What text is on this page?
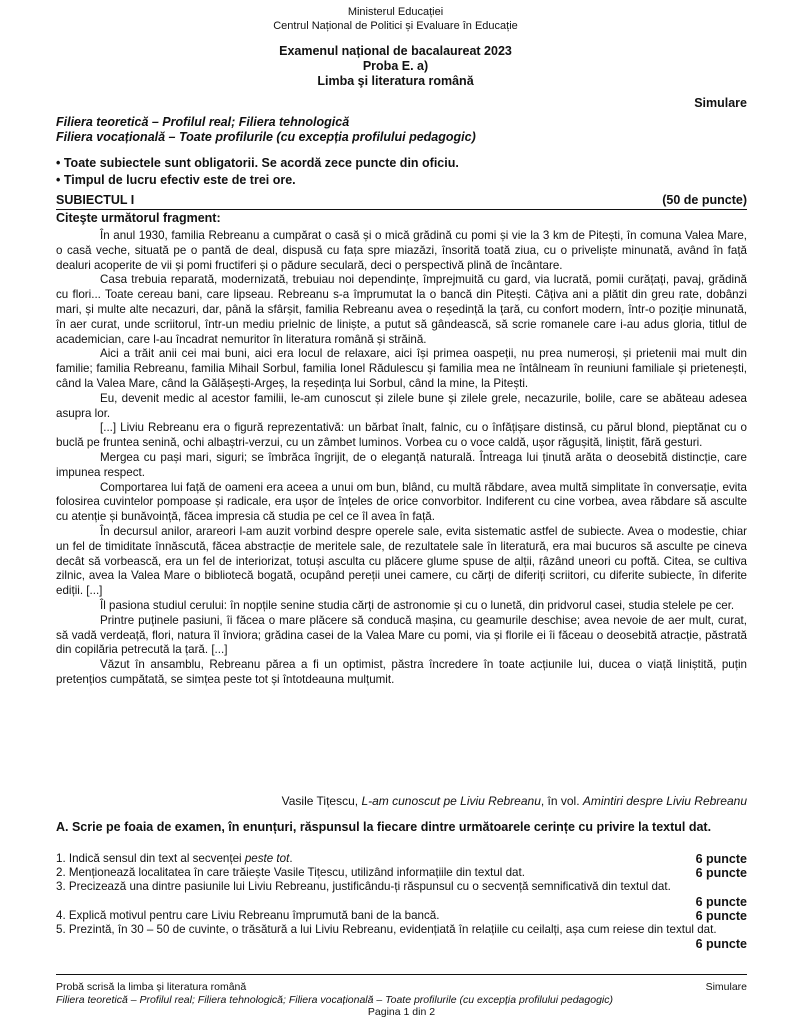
Ministerul Educației
Centrul Național de Politici și Evaluare în Educație
Examenul național de bacalaureat 2023
Proba E. a)
Limba şi literatura română
Simulare
Filiera teoretică – Profilul real; Filiera tehnologică
Filiera vocațională – Toate profilurile (cu excepția profilului pedagogic)
• Toate subiectele sunt obligatorii. Se acordă zece puncte din oficiu.
• Timpul de lucru efectiv este de trei ore.
SUBIECTUL I	(50 de puncte)
Citeşte următorul fragment:

În anul 1930, familia Rebreanu a cumpărat o casă și o mică grădină cu pomi și vie la 3 km de Pitești, în comuna Valea Mare, o casă veche, situată pe o pantă de deal, dispusă cu fața spre miazăzi, însorită toată ziua, cu o priveliște minunată, având în față dealuri acoperite de vii și pomi fructiferi și o pădure seculară, deci o perspectivă plină de încântare.

Casa trebuia reparată, modernizată, trebuiau noi dependințe, împrejmuită cu gard, via lucrată, pomii curățați, pavaj, grădină cu flori... Toate cereau bani, care lipseau. Rebreanu s-a împrumutat la o bancă din Pitești. Câțiva ani a plătit din greu rate, dobânzi mari, și multe alte necazuri, dar, până la sfârșit, familia Rebreanu avea o reședință la țară, cu confort modern, într-o poziție minunată, în aer curat, unde scriitorul, într-un mediu prielnic de liniște, a putut să gândească, să scrie romanele care i-au adus gloria, titlul de academician, care l-au încadrat nemuritor în literatura română și străină.

Aici a trăit anii cei mai buni, aici era locul de relaxare, aici își primea oaspeții, nu prea numeroși, și prietenii mai mult din familie; familia Rebreanu, familia Mihail Sorbul, familia Ionel Rădulescu și familia mea ne întâlneam în reuniuni familiale și prietenești, când la Valea Mare, când la Gălășești-Argeș, la reședința lui Sorbul, când la mine, la Pitești.

Eu, devenit medic al acestor familii, le-am cunoscut și zilele bune și zilele grele, necazurile, bolile, care se abăteau adesea asupra lor.

[...] Liviu Rebreanu era o figură reprezentativă: un bărbat înalt, falnic, cu o înfățișare distinsă, cu părul blond, pieptănat cu o buclă pe fruntea senină, ochi albaștri-verzui, cu un zâmbet luminos. Vorbea cu o voce caldă, ușor răgușită, liniștit, fără gesturi.

Mergea cu pași mari, siguri; se îmbrăca îngrijit, de o eleganță naturală. Întreaga lui ținută arăta o deosebită distincție, care impunea respect.

Comportarea lui față de oameni era aceea a unui om bun, blând, cu multă răbdare, avea multă simplitate în conversație, evita folosirea cuvintelor pompoase și radicale, era ușor de înțeles de orice convorbitor. Indiferent cu cine vorbea, avea răbdare să asculte cu atenție și bunăvoință, făcea impresia că studia pe cel ce îl avea în față.

În decursul anilor, arareori l-am auzit vorbind despre operele sale, evita sistematic astfel de subiecte. Avea o modestie, chiar un fel de timiditate înnăscută, făcea abstracție de meritele sale, de rezultatele sale în literatură, era mai bucuros să asculte pe cineva decât să vorbească, era un fel de interiorizat, totuși asculta cu plăcere glume spuse de alții, râzând uneori cu poftă. Citea, se cultiva zilnic, avea la Valea Mare o bibliotecă bogată, ocupând pereții unei camere, cu cărți de diferiți scriitori, cu diferite subiecte, în diferite ediții. [...]

Îl pasiona studiul cerului: în nopțile senine studia cărți de astronomie și cu o lunetă, din pridvorul casei, studia stelele pe cer.

Printre puținele pasiuni, îi făcea o mare plăcere să conducă mașina, cu geamurile deschise; avea nevoie de aer mult, curat, să vadă verdeață, flori, natura îl înviora; grădina casei de la Valea Mare cu pomi, via și florile ei îi făceau o deosebită atracție, păstrată din copilăria petrecută la țară. [...]

Văzut în ansamblu, Rebreanu părea a fi un optimist, păstra încredere în toate acțiunile lui, ducea o viață liniștită, puțin pretențios cumpătată, se simțea peste tot și întotdeauna mulțumit.

Vasile Tițescu, L-am cunoscut pe Liviu Rebreanu, în vol. Amintiri despre Liviu Rebreanu
A. Scrie pe foaia de examen, în enunțuri, răspunsul la fiecare dintre următoarele cerințe cu privire la textul dat.
1. Indică sensul din text al secvenței peste tot.	6 puncte
2. Menționează localitatea în care trăiește Vasile Tițescu, utilizând informațiile din textul dat.	6 puncte
3. Precizează una dintre pasiunile lui Liviu Rebreanu, justificându-ți răspunsul cu o secvență semnificativă din textul dat.
6 puncte
4. Explică motivul pentru care Liviu Rebreanu împrumută bani de la bancă.	6 puncte
5. Prezintă, în 30 – 50 de cuvinte, o trăsătură a lui Liviu Rebreanu, evidențiată în relațiile cu ceilalți, așa cum reiese din textul dat.
6 puncte
Probă scrisă la limba și literatura română	Simulare
Filiera teoretică – Profilul real; Filiera tehnologică; Filiera vocațională – Toate profilurile (cu excepția profilului pedagogic)
Pagina 1 din 2
